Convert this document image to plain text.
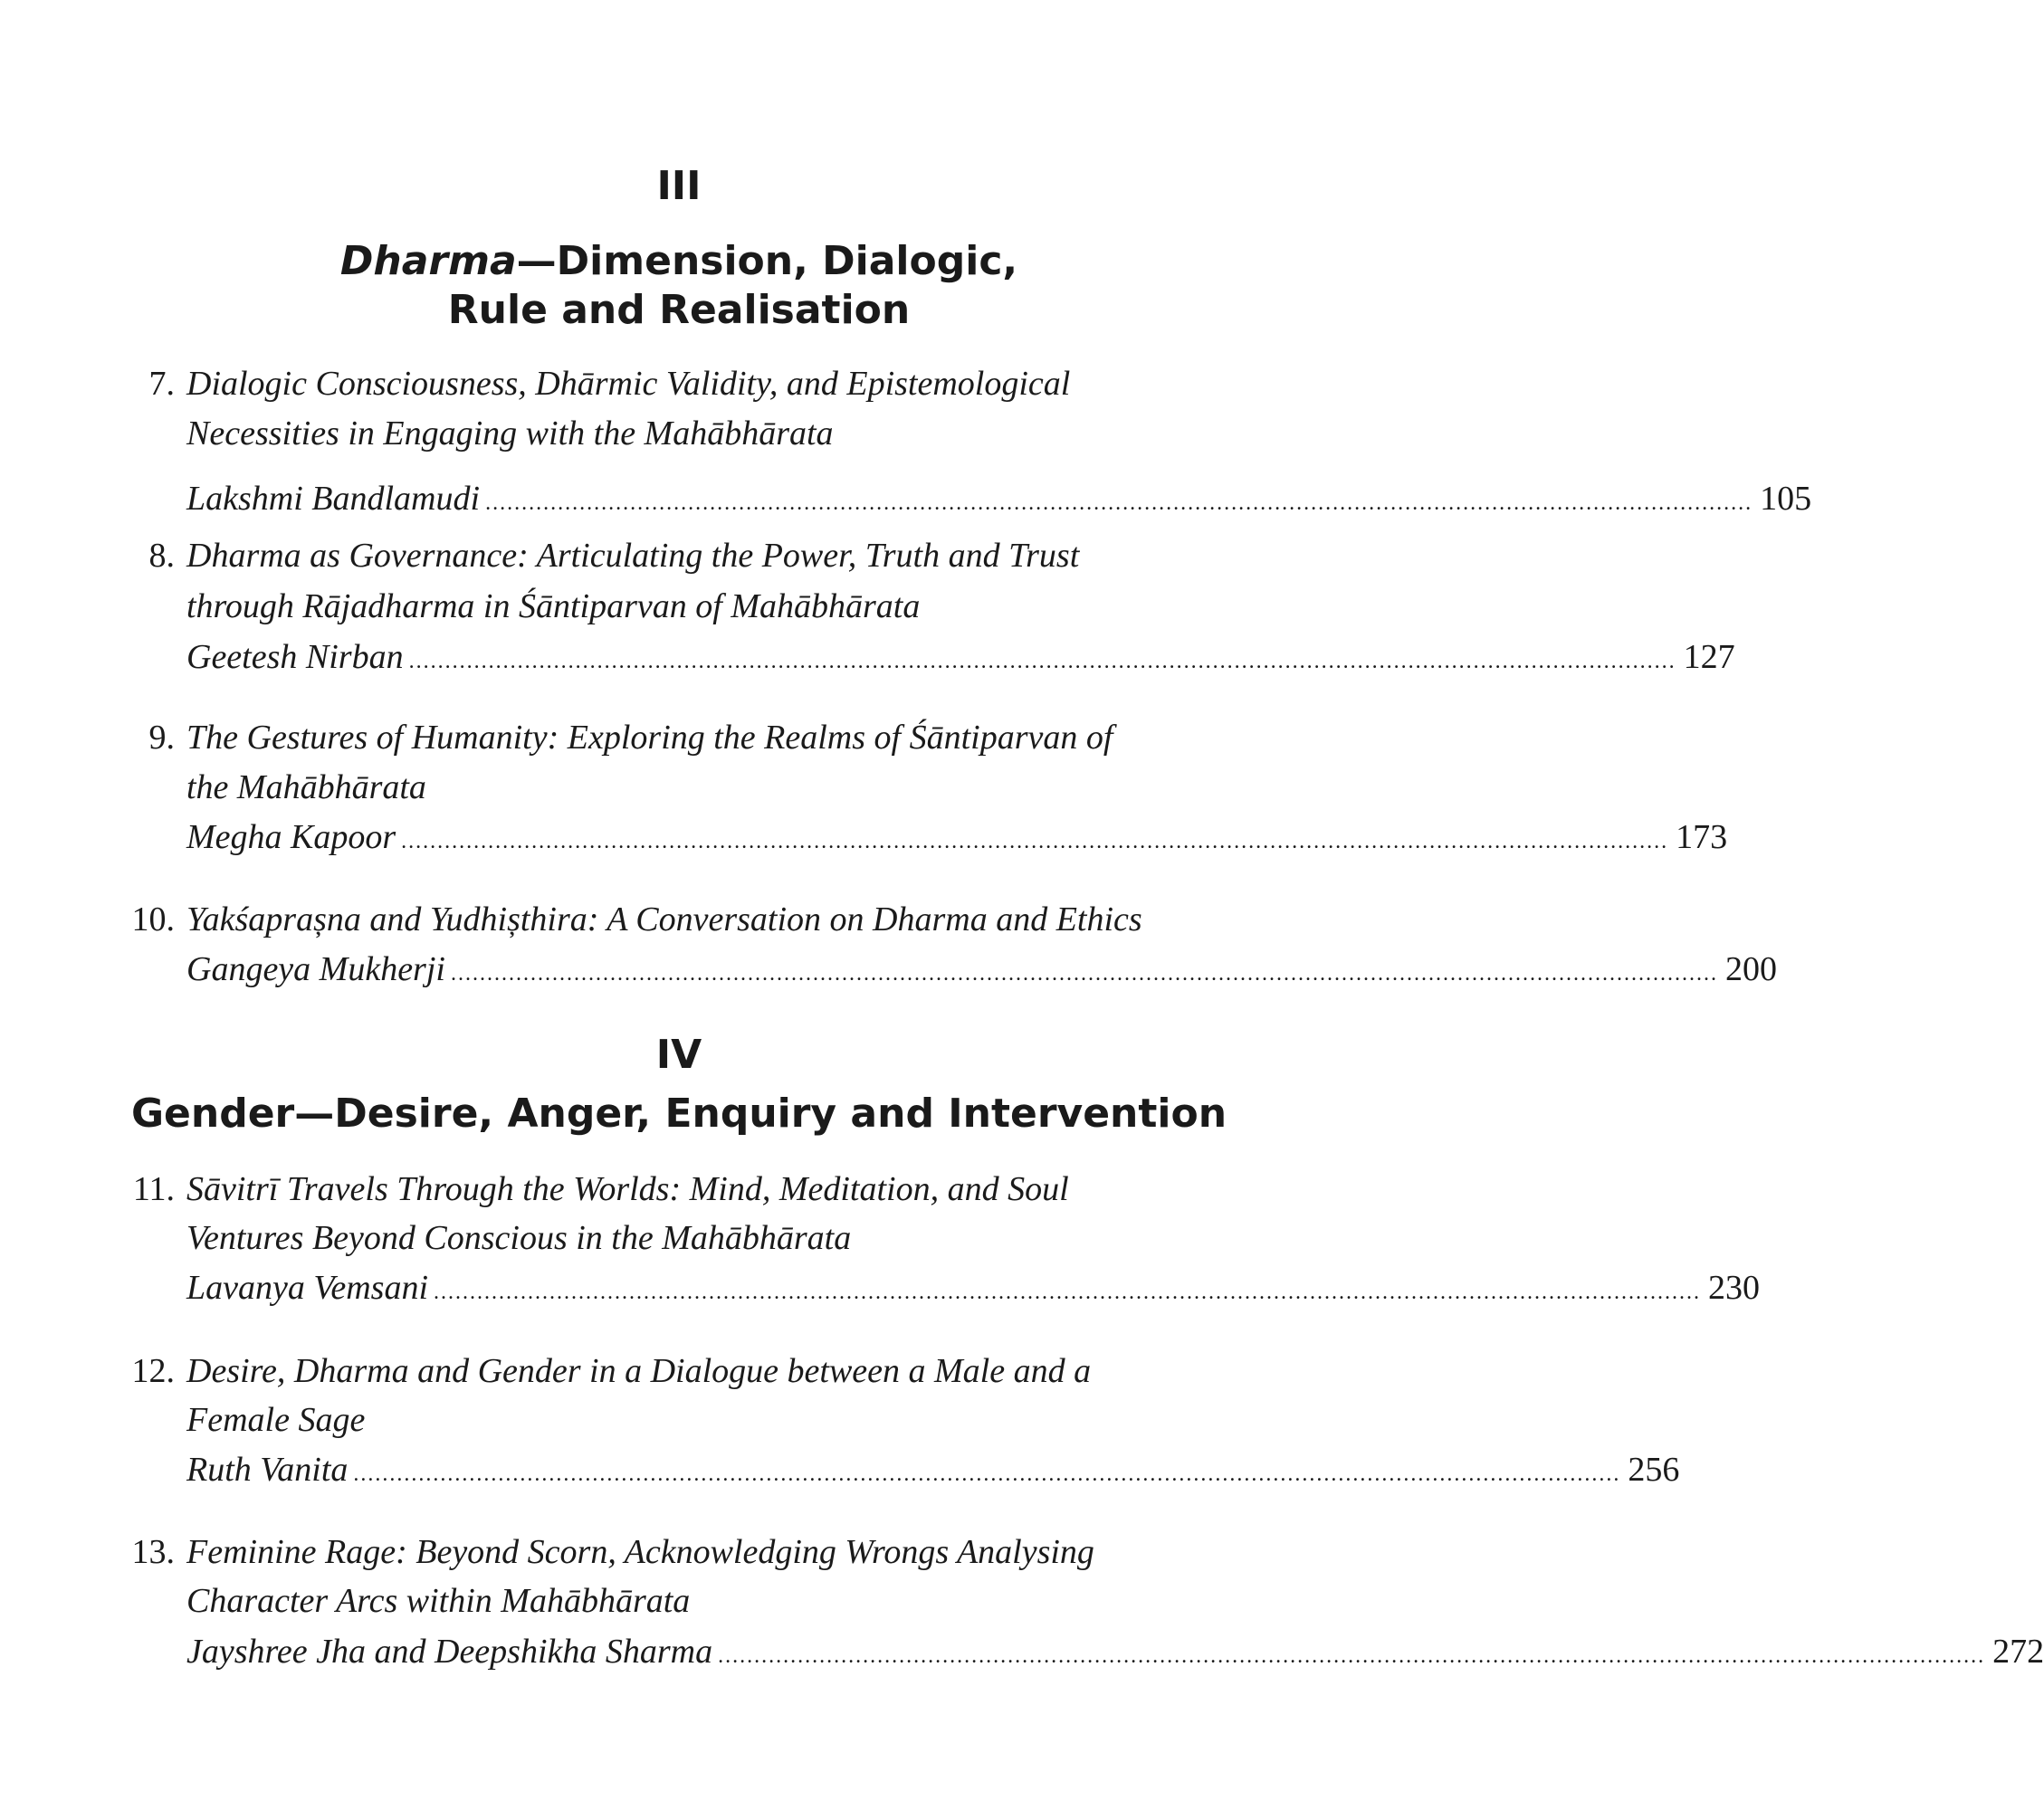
III
Dharma—Dimension, Dialogic,
Rule and Realisation
7. Dialogic Consciousness, Dhārmic Validity, and Epistemological
Necessities in Engaging with the Mahābhārata
Lakshmi Bandlamudi ............................................................................................................................................................................... 105
8. Dharma as Governance: Articulating the Power, Truth and Trust
through Rājadharma in Śāntiparvan of Mahābhārata
Geetesh Nirban ............................................................................................................................................................................... 127
9. The Gestures of Humanity: Exploring the Realms of Śāntiparvan of
the Mahābhārata
Megha Kapoor ............................................................................................................................................................................... 173
10. Yakśaprașna and Yudhișthira: A Conversation on Dharma and Ethics
Gangeya Mukherji ............................................................................................................................................................................... 200
IV
Gender—Desire, Anger, Enquiry and Intervention
11. Sāvitrī Travels Through the Worlds: Mind, Meditation, and Soul
Ventures Beyond Conscious in the Mahābhārata
Lavanya Vemsani ............................................................................................................................................................................... 230
12. Desire, Dharma and Gender in a Dialogue between a Male and a
Female Sage
Ruth Vanita ............................................................................................................................................................................... 256
13. Feminine Rage: Beyond Scorn, Acknowledging Wrongs Analysing
Character Arcs within Mahābhārata
Jayshree Jha and Deepshikha Sharma ............................................................................................................................................................................... 272
